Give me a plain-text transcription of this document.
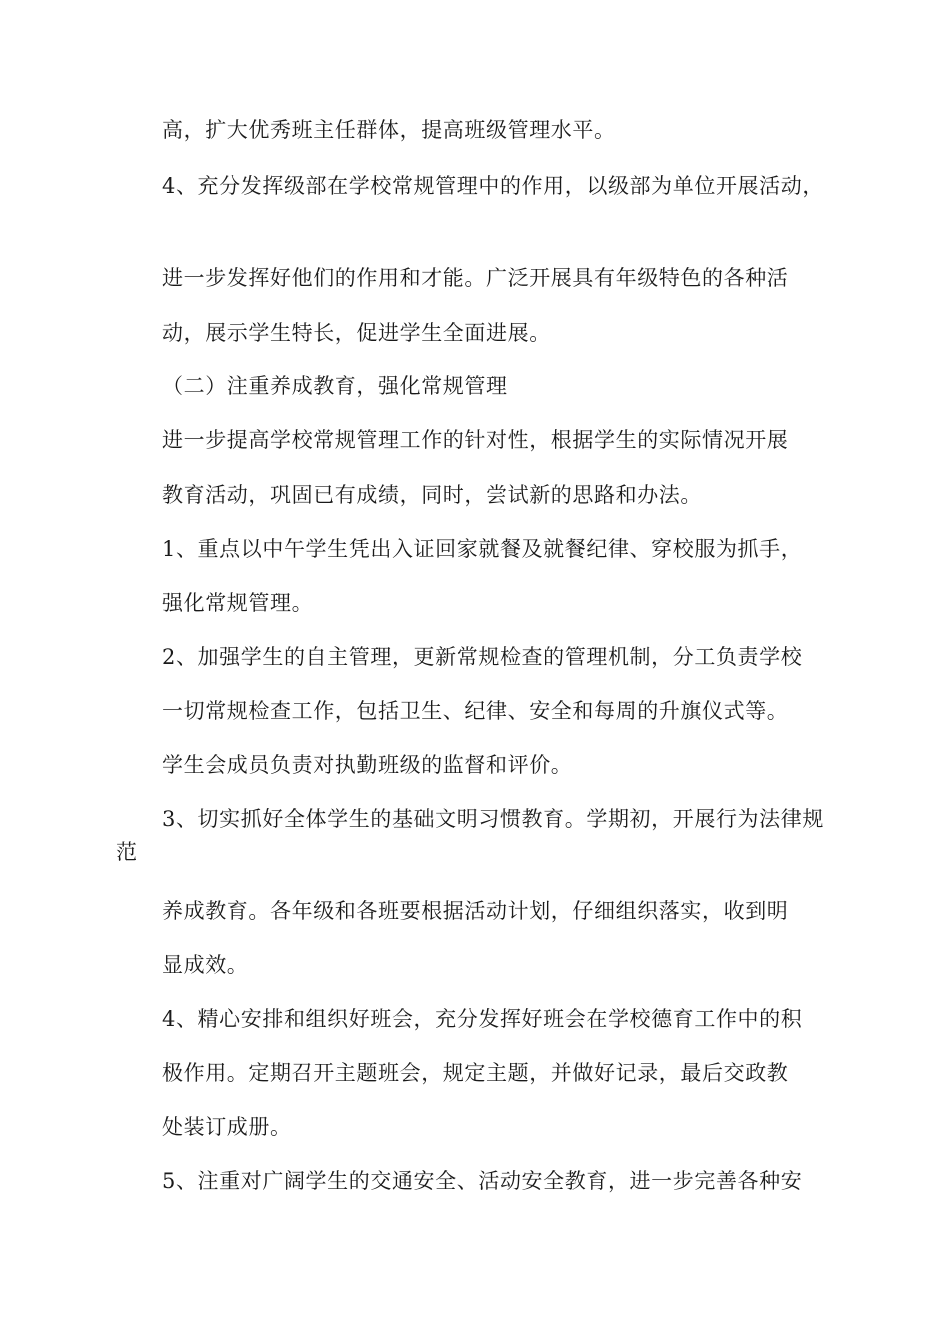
高，扩大优秀班主任群体，提高班级管理水平。
4、充分发挥级部在学校常规管理中的作用，以级部为单位开展活动，
进一步发挥好他们的作用和才能。广泛开展具有年级特色的各种活
动，展示学生特长，促进学生全面进展。
（二）注重养成教育，强化常规管理
进一步提高学校常规管理工作的针对性，根据学生的实际情况开展
教育活动，巩固已有成绩，同时，尝试新的思路和办法。
1、重点以中午学生凭出入证回家就餐及就餐纪律、穿校服为抓手，
强化常规管理。
2、加强学生的自主管理，更新常规检查的管理机制，分工负责学校
一切常规检查工作，包括卫生、纪律、安全和每周的升旗仪式等。
学生会成员负责对执勤班级的监督和评价。
3、切实抓好全体学生的基础文明习惯教育。学期初，开展行为法律规
范
养成教育。各年级和各班要根据活动计划，仔细组织落实，收到明
显成效。
4、精心安排和组织好班会，充分发挥好班会在学校德育工作中的积
极作用。定期召开主题班会，规定主题，并做好记录，最后交政教
处装订成册。
5、注重对广阔学生的交通安全、活动安全教育，进一步完善各种安
